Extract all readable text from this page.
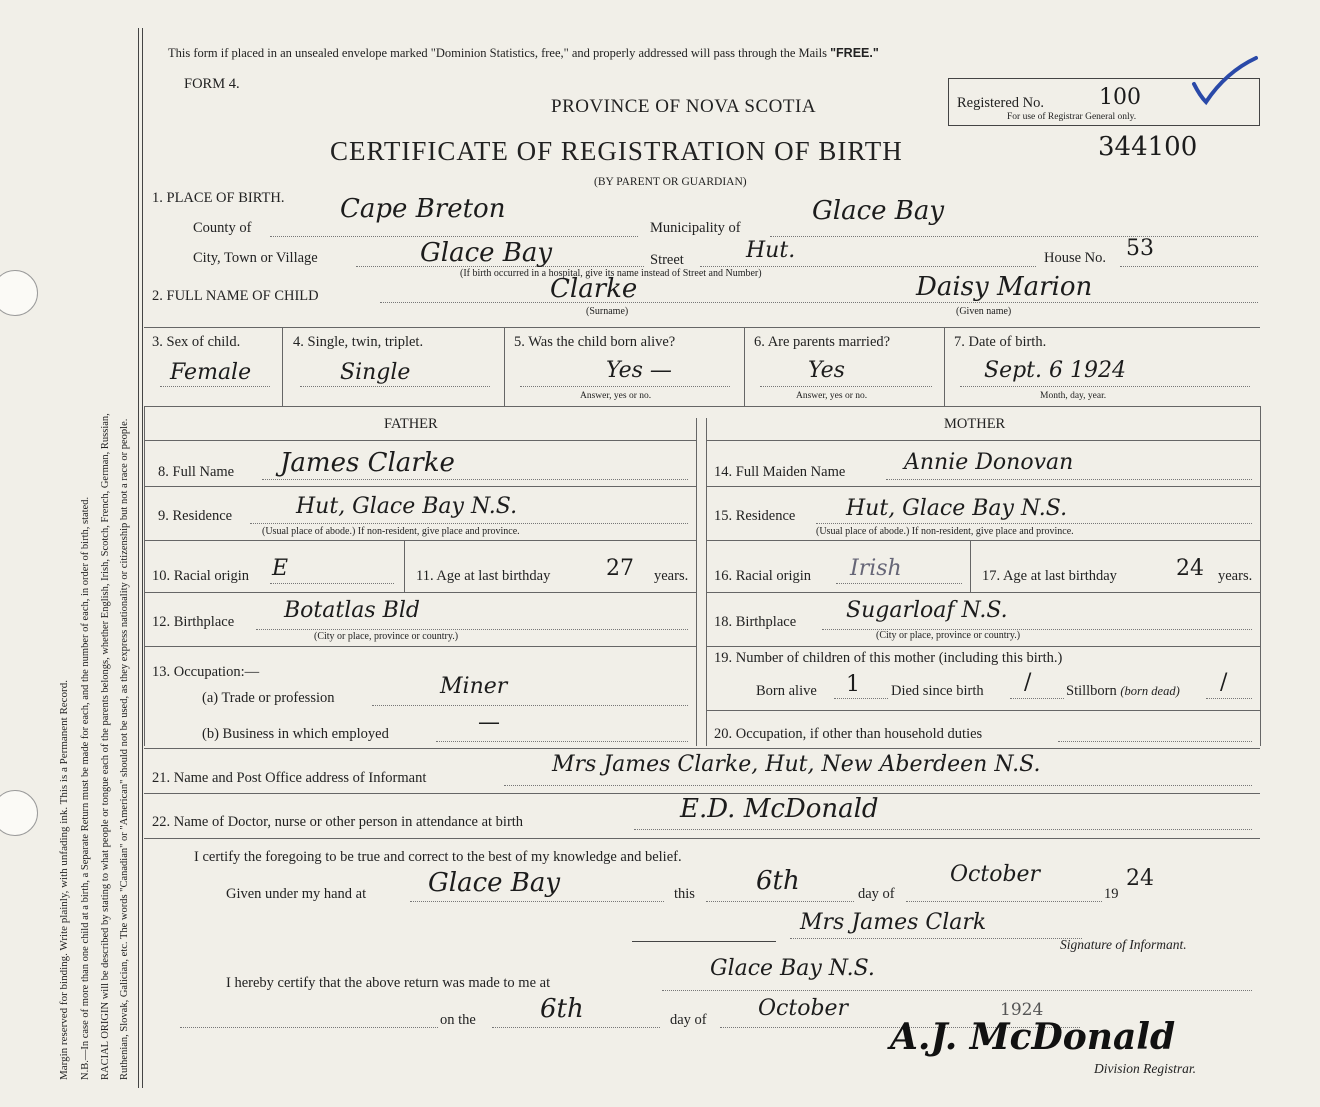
Margin reserved for binding. Write plainly, with unfading ink. This is a Permanent Record. N.B.—In case of more than one child at a birth, a Separate Return must be made for each, and the number of each, in order of birth, stated. RACIAL ORIGIN will be described by stating to what people or tongue each of the parents belongs, whether English, Irish, Scotch, French, German, Russian, Ruthenian, Slovak, Galician, etc. The words "Canadian" or "American" should not be used, as they express nationality or citizenship but not a race or people.
This form if placed in an unsealed envelope marked "Dominion Statistics, free," and properly addressed will pass through the Mails "FREE."
FORM 4.
PROVINCE OF NOVA SCOTIA	Registered No.	100
For use of Registrar General only.
CERTIFICATE OF REGISTRATION OF BIRTH	344100
(BY PARENT OR GUARDIAN)
1. PLACE OF BIRTH.
County of
Cape Breton
Municipality of
Glace Bay
City, Town or Village	Glace Bay	Street	Hut.	House No. 53
(If birth occurred in a hospital, give its name instead of Street and Number)
2. FULL NAME OF CHILD	Clarke
(Surname)
Daisy Marion
(Given name)
3. Sex of child.
Female
4. Single, twin, triplet.
Single
5. Was the child born alive?
Yes —
Answer, yes or no.
6. Are parents married?
Yes
Answer, yes or no.
7. Date of birth.
Sept. 6 1924
Month, day, year.
FATHER	MOTHER
8. Full Name James Clarke
9. Residence	Hut, Glace Bay N.S.
(Usual place of abode.) If non-resident, give place and province.
10. Racial origin E	11. Age at last birthday	27 years.
12. Birthplace Botatlas Bld
(City or place, province or country.)
13. Occupation:—
(a) Trade or profession	Miner
(b) Business in which employed	—
14. Full Maiden Name	Annie Donovan
15. Residence Hut, Glace Bay N.S.
(Usual place of abode.) If non-resident, give place and province.
16. Racial origin Irish	17. Age at last birthday	24 years.
18. Birthplace Sugarloaf N.S.
(City or place, province or country.)
19. Number of children of this mother (including this birth.)
Born alive 1 Died since birth / Stillborn (born dead) /
20. Occupation, if other than household duties
21. Name and Post Office address of Informant
Mrs James Clarke, Hut, New Aberdeen N.S.
22. Name of Doctor, nurse or other person in attendance at birth	E.D. McDonald
I certify the foregoing to be true and correct to the best of my knowledge and belief.
Given under my hand at Glace Bay	this 6th	day of
October
19
24
Mrs James Clark
Signature of Informant.
I hereby certify that the above return was made to me at
Glace Bay N.S.
on the 6th	day of October	1924
A.J. McDonald
Division Registrar.
